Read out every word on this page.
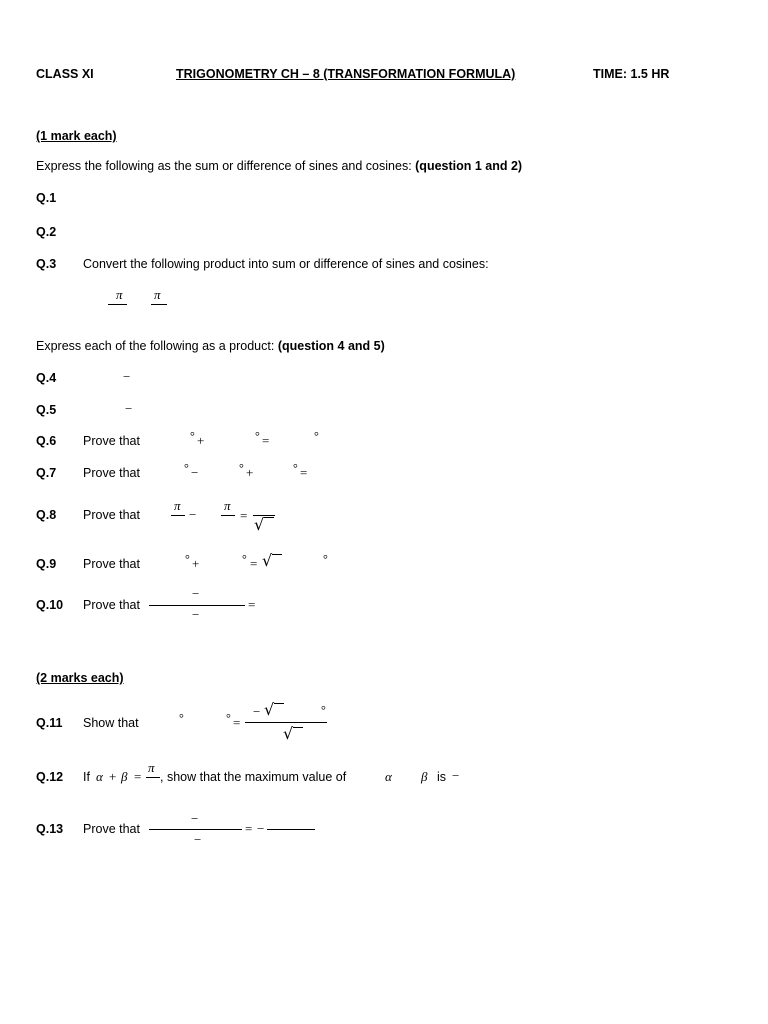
CLASS XI	TRIGONOMETRY CH – 8 (TRANSFORMATION FORMULA)	TIME: 1.5 HR
(1 mark each)
Express the following as the sum or difference of sines and cosines: (question 1 and 2)
Q.1
Q.2
Q.3 Convert the following product into sum or difference of sines and cosines:
π π
Express each of the following as a product: (question 4 and 5)
Q.4	−
Q.5	−
Q.6 Prove that	° +	° =	°
Q.7 Prove that	° −	° +	° =
Q.8 Prove that
π
−
π
= √
Q.9 Prove that	° +	° = √	°
Q.10 Prove that
−
−
=
(2 marks each)
Q.11 Show that	°	° =
− √	°
√
Q.12 If α + β =
π
, show that the maximum value of	α β is −
Q.13 Prove that
−
−
= −
